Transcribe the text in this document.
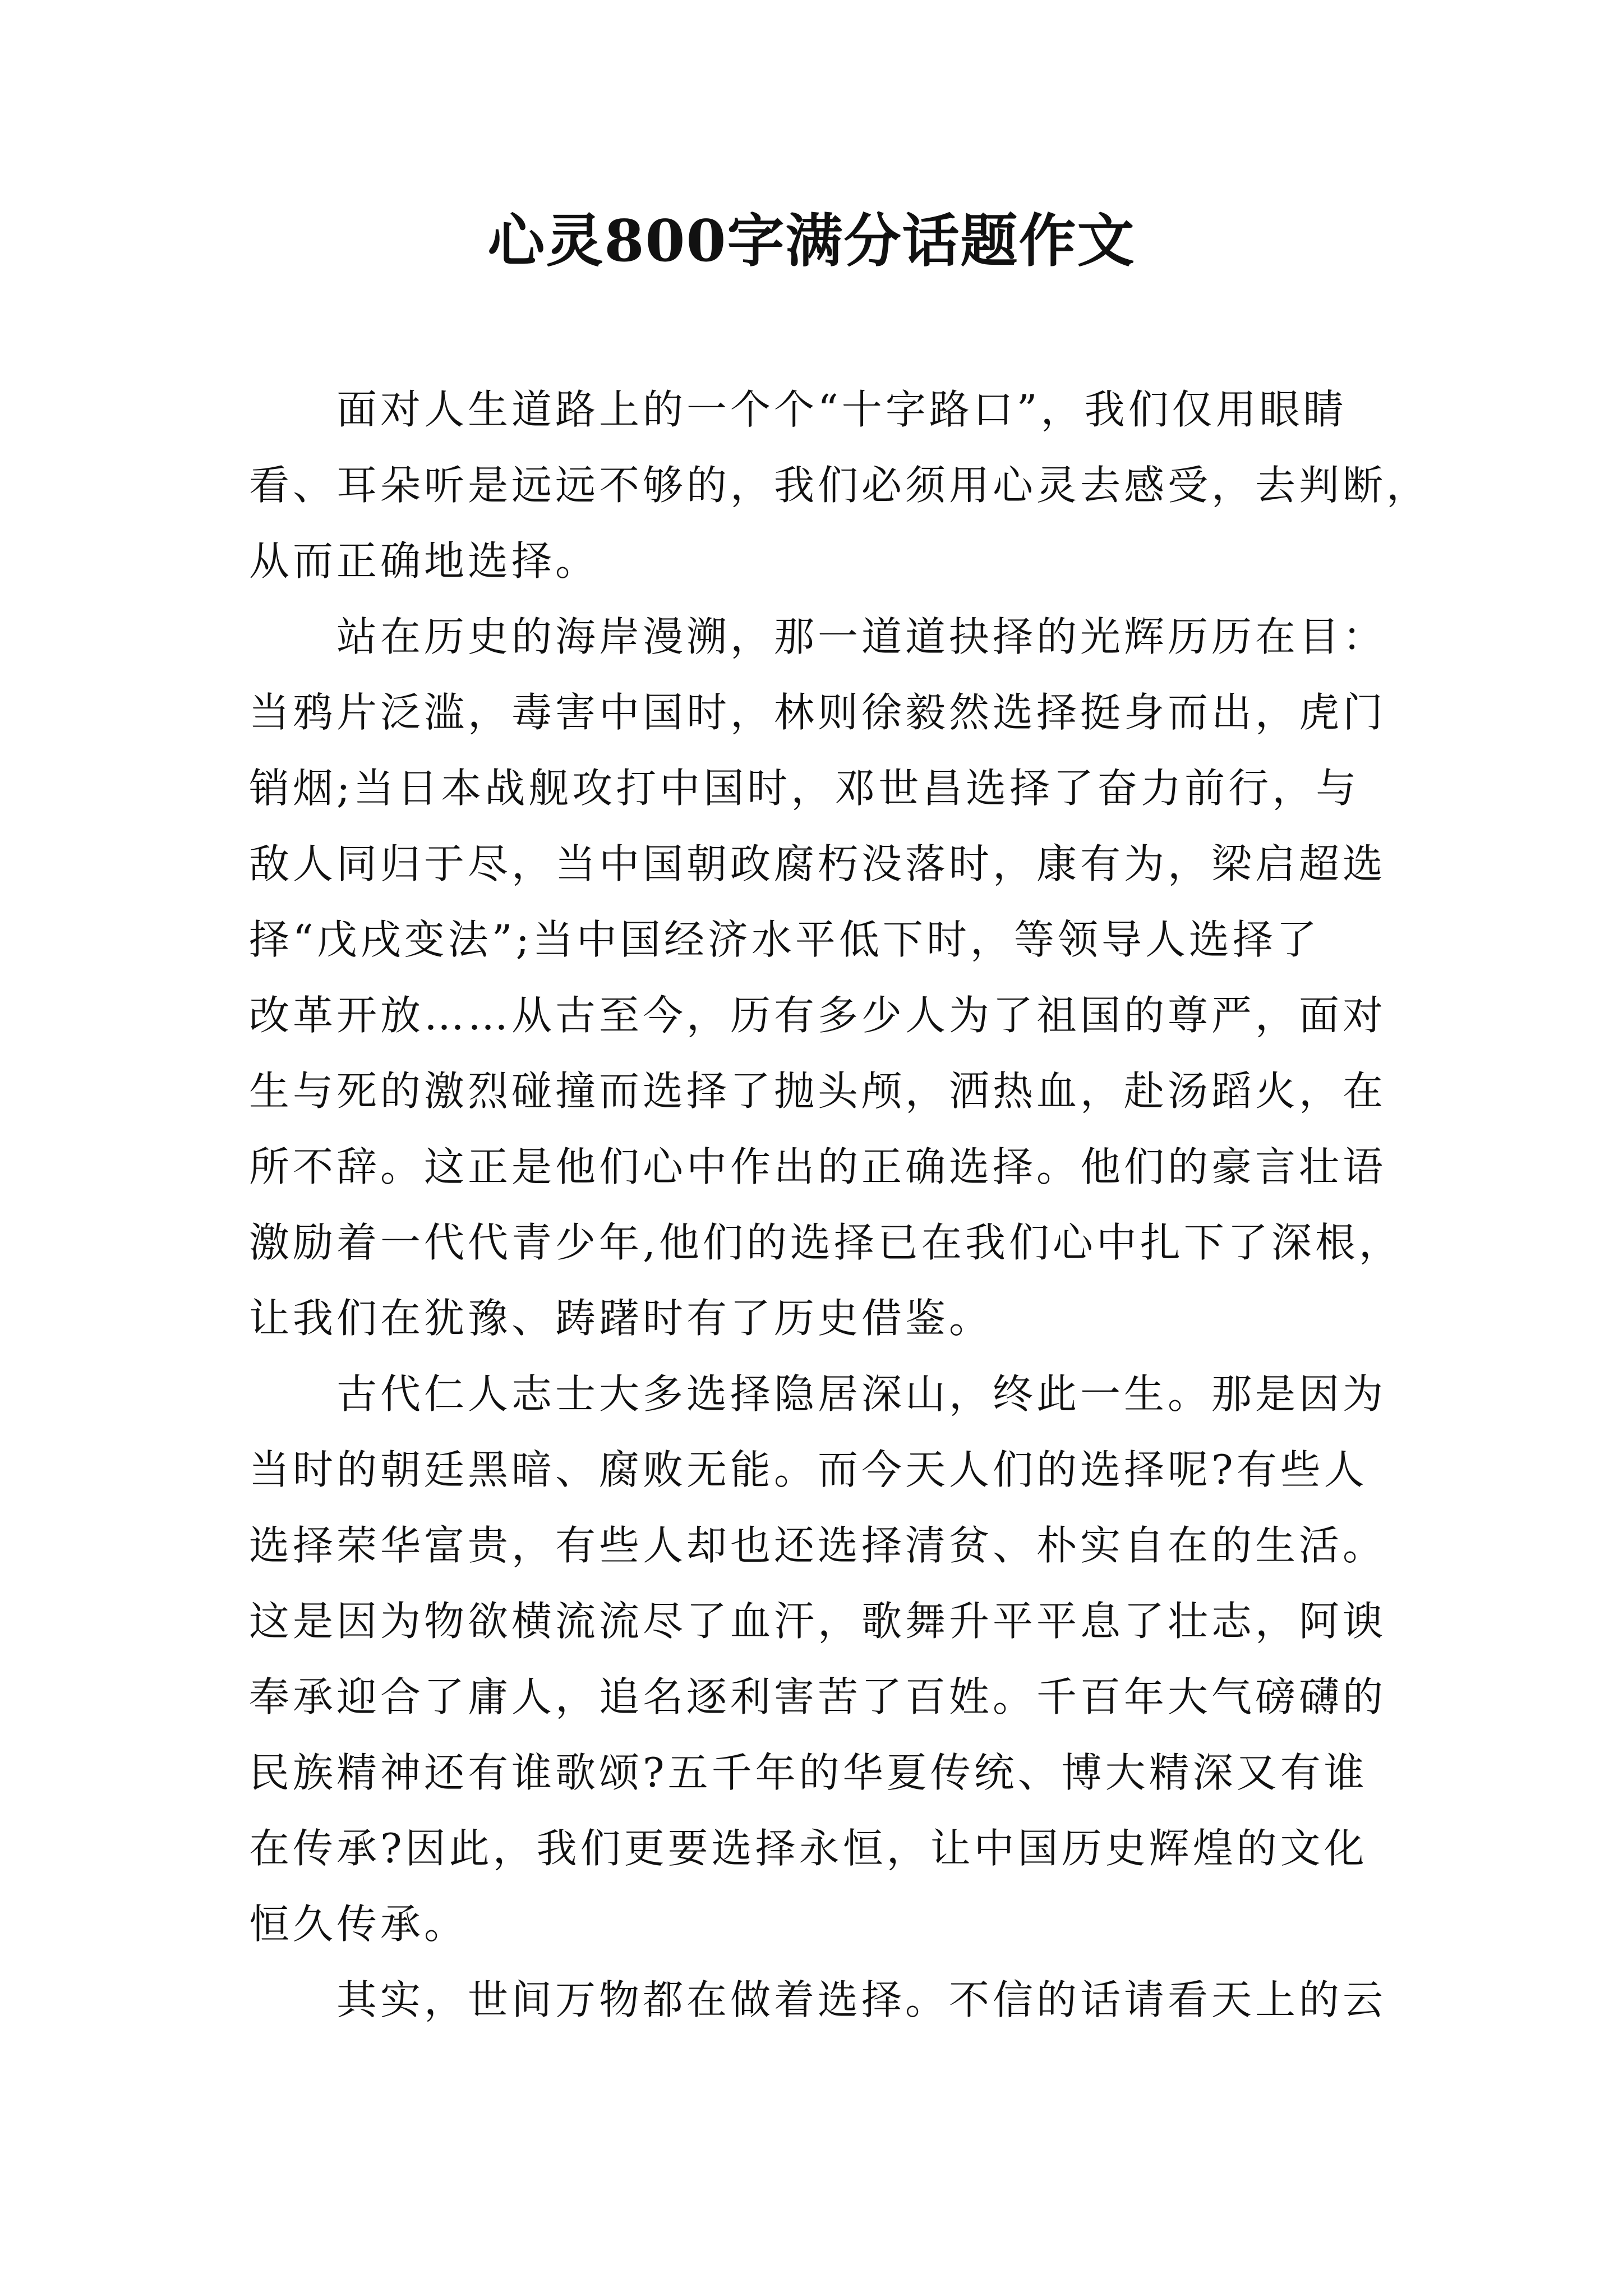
心灵800字满分话题作文
　　面对人生道路上的一个个“十字路口”，我们仅用眼睛
看、耳朵听是远远不够的，我们必须用心灵去感受，去判断，
从而正确地选择。
　　站在历史的海岸漫溯，那一道道抉择的光辉历历在目：
当鸦片泛滥，毒害中国时，林则徐毅然选择挺身而出，虎门
销烟;当日本战舰攻打中国时，邓世昌选择了奋力前行，与
敌人同归于尽，当中国朝政腐朽没落时，康有为，梁启超选
择“戊戌变法”;当中国经济水平低下时，等领导人选择了
改革开放……从古至今，历有多少人为了祖国的尊严，面对
生与死的激烈碰撞而选择了抛头颅，洒热血，赴汤蹈火，在
所不辞。这正是他们心中作出的正确选择。他们的豪言壮语
激励着一代代青少年,他们的选择已在我们心中扎下了深根，
让我们在犹豫、踌躇时有了历史借鉴。
　　古代仁人志士大多选择隐居深山，终此一生。那是因为
当时的朝廷黑暗、腐败无能。而今天人们的选择呢?有些人
选择荣华富贵，有些人却也还选择清贫、朴实自在的生活。
这是因为物欲横流流尽了血汗，歌舞升平平息了壮志，阿谀
奉承迎合了庸人，追名逐利害苦了百姓。千百年大气磅礴的
民族精神还有谁歌颂?五千年的华夏传统、博大精深又有谁
在传承?因此，我们更要选择永恒，让中国历史辉煌的文化
恒久传承。
　　其实，世间万物都在做着选择。不信的话请看天上的云
